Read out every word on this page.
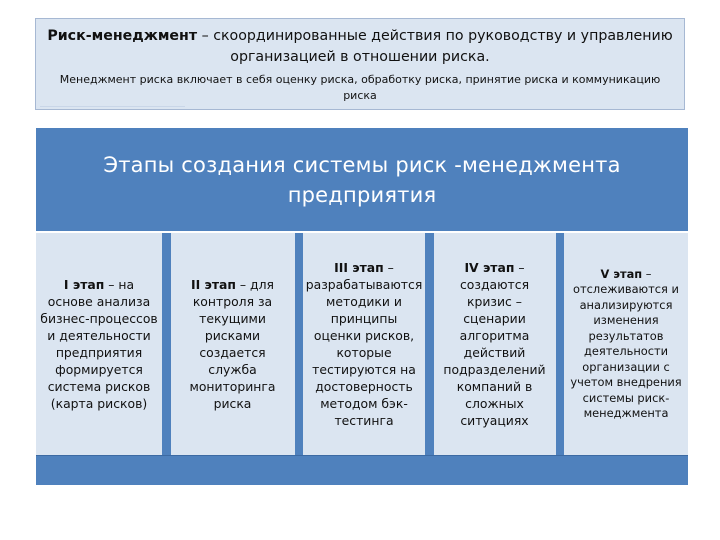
Риск-менеджмент – скоординированные действия по руководству и управлению организацией в отношении риска.
Менеджмент риска включает в себя оценку риска, обработку риска, принятие риска и коммуникацию риска
Этапы создания системы риск -менеджмента предприятия
I этап – на основе анализа бизнес-процессов и деятельности предприятия формируется система рисков (карта рисков)
II этап – для контроля за текущими рисками создается служба мониторинга риска
III этап – разрабатываются методики и принципы оценки рисков, которые тестируются на достоверность методом бэк-тестинга
IV этап – создаются кризис – сценарии алгоритма действий подразделений компаний в сложных ситуациях
V этап – отслеживаются и анализируются изменения результатов деятельности организации с учетом внедрения системы риск-менеджмента
